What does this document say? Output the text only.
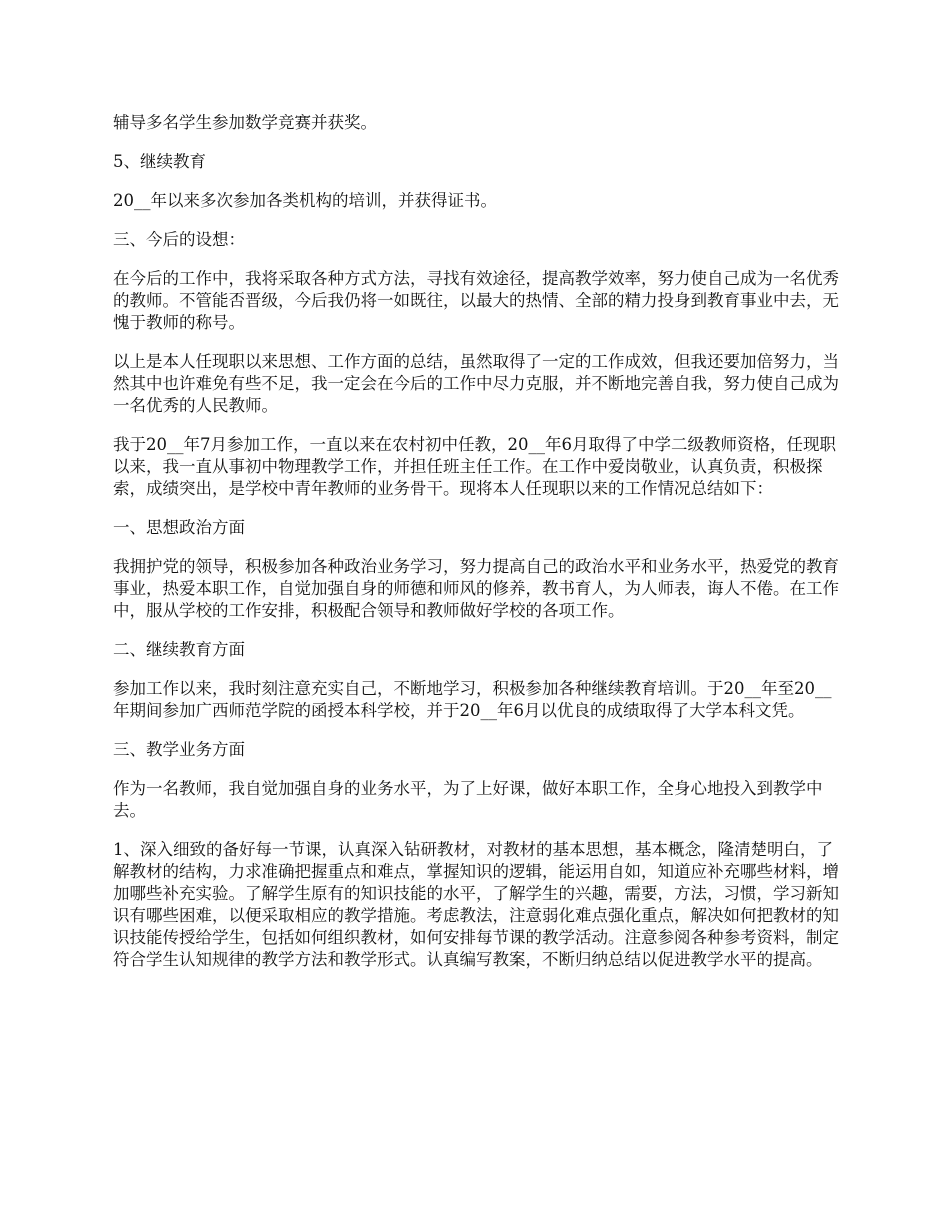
辅导多名学生参加数学竞赛并获奖。

5、继续教育

20__年以来多次参加各类机构的培训，并获得证书。

三、今后的设想：

在今后的工作中，我将采取各种方式方法，寻找有效途径，提高教学效率，努力使自己成为一名优秀的教师。不管能否晋级，今后我仍将一如既往，以最大的热情、全部的精力投身到教育事业中去，无愧于教师的称号。

以上是本人任现职以来思想、工作方面的总结，虽然取得了一定的工作成效，但我还要加倍努力，当然其中也许难免有些不足，我一定会在今后的工作中尽力克服，并不断地完善自我，努力使自己成为一名优秀的人民教师。

我于20__年7月参加工作，一直以来在农村初中任教，20__年6月取得了中学二级教师资格，任现职以来，我一直从事初中物理教学工作，并担任班主任工作。在工作中爱岗敬业，认真负责，积极探索，成绩突出，是学校中青年教师的业务骨干。现将本人任现职以来的工作情况总结如下：

一、思想政治方面

我拥护党的领导，积极参加各种政治业务学习，努力提高自己的政治水平和业务水平，热爱党的教育事业，热爱本职工作，自觉加强自身的师德和师风的修养，教书育人，为人师表，诲人不倦。在工作中，服从学校的工作安排，积极配合领导和教师做好学校的各项工作。

二、继续教育方面

参加工作以来，我时刻注意充实自己，不断地学习，积极参加各种继续教育培训。于20__年至20__年期间参加广西师范学院的函授本科学校，并于20__年6月以优良的成绩取得了大学本科文凭。

三、教学业务方面

作为一名教师，我自觉加强自身的业务水平，为了上好课，做好本职工作，全身心地投入到教学中去。

1、深入细致的备好每一节课，认真深入钻研教材，对教材的基本思想，基本概念，隆清楚明白，了解教材的结构，力求准确把握重点和难点，掌握知识的逻辑，能运用自如，知道应补充哪些材料，增加哪些补充实验。了解学生原有的知识技能的水平，了解学生的兴趣，需要，方法，习惯，学习新知识有哪些困难，以便采取相应的教学措施。考虑教法，注意弱化难点强化重点，解决如何把教材的知识技能传授给学生，包括如何组织教材，如何安排每节课的教学活动。注意参阅各种参考资料，制定符合学生认知规律的教学方法和教学形式。认真编写教案，不断归纳总结以促进教学水平的提高。
